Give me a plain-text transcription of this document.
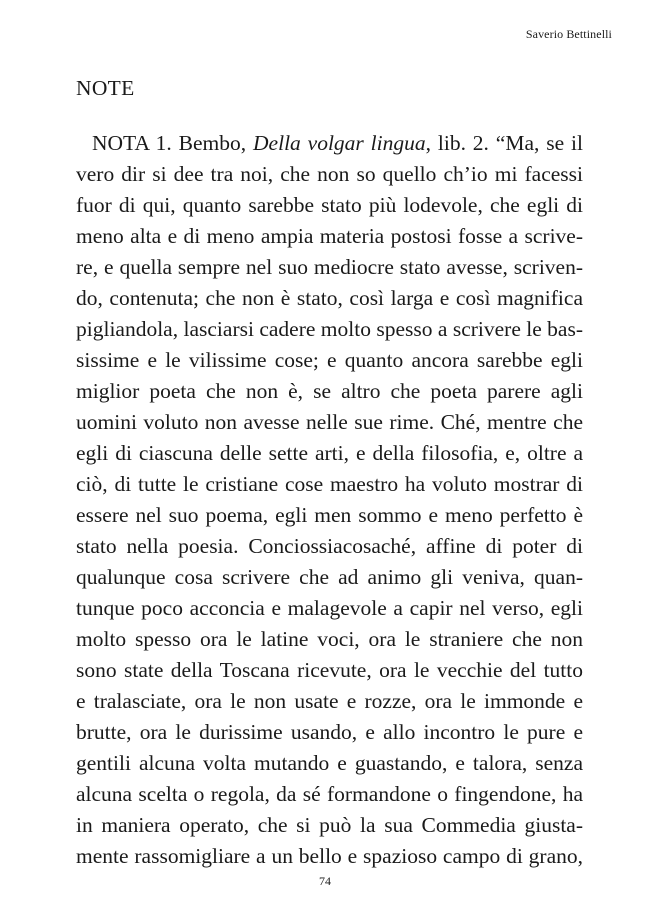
Saverio Bettinelli
NOTE
NOTA 1. Bembo, Della volgar lingua, lib. 2. “Ma, se il
vero dir si dee tra noi, che non so quello ch’io mi facessi
fuor di qui, quanto sarebbe stato più lodevole, che egli di
meno alta e di meno ampia materia postosi fosse a scrive-
re, e quella sempre nel suo mediocre stato avesse, scriven-
do, contenuta; che non è stato, così larga e così magnifica
pigliandola, lasciarsi cadere molto spesso a scrivere le bas-
sissime e le vilissime cose; e quanto ancora sarebbe egli
miglior poeta che non è, se altro che poeta parere agli
uomini voluto non avesse nelle sue rime. Ché, mentre che
egli di ciascuna delle sette arti, e della filosofia, e, oltre a
ciò, di tutte le cristiane cose maestro ha voluto mostrar di
essere nel suo poema, egli men sommo e meno perfetto è
stato nella poesia. Conciossiacosaché, affine di poter di
qualunque cosa scrivere che ad animo gli veniva, quan-
tunque poco acconcia e malagevole a capir nel verso, egli
molto spesso ora le latine voci, ora le straniere che non
sono state della Toscana ricevute, ora le vecchie del tutto
e tralasciate, ora le non usate e rozze, ora le immonde e
brutte, ora le durissime usando, e allo incontro le pure e
gentili alcuna volta mutando e guastando, e talora, senza
alcuna scelta o regola, da sé formandone o fingendone, ha
in maniera operato, che si può la sua Commedia giusta-
mente rassomigliare a un bello e spazioso campo di grano,
74
